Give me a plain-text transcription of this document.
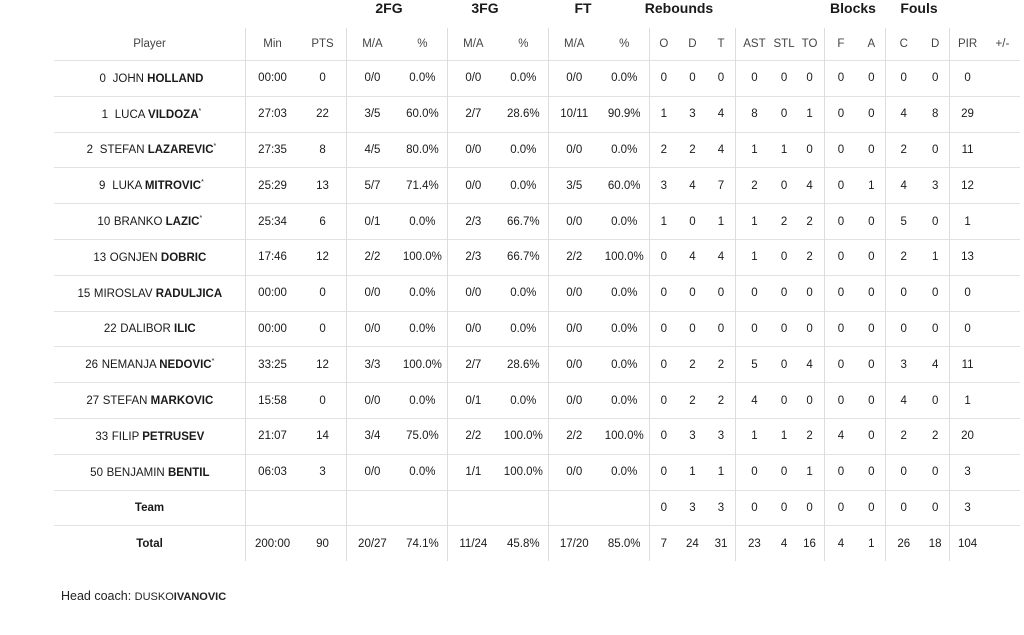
2FG	3FG	FT	Rebounds	Blocks	Fouls
Player	Min	PTS	M/A	%	M/A	%	M/A	%	O	D	T	AST	STL	TO	F	A	C	D	PIR	+/-
0 JOHN HOLLAND	00:00	0	0/0	0.0%	0/0	0.0%	0/0	0.0%	0	0	0	0	0	0	0	0	0	0	0	
1 LUCA VILDOZA*	27:03	22	3/5	60.0%	2/7	28.6%	10/11	90.9%	1	3	4	8	0	1	0	0	4	8	29	
2 STEFAN LAZAREVIC*	27:35	8	4/5	80.0%	0/0	0.0%	0/0	0.0%	2	2	4	1	1	0	0	0	2	0	11	
9 LUKA MITROVIC*	25:29	13	5/7	71.4%	0/0	0.0%	3/5	60.0%	3	4	7	2	0	4	0	1	4	3	12	
10 BRANKO LAZIC*	25:34	6	0/1	0.0%	2/3	66.7%	0/0	0.0%	1	0	1	1	2	2	0	0	5	0	1	
13 OGNJEN DOBRIC	17:46	12	2/2	100.0%	2/3	66.7%	2/2	100.0%	0	4	4	1	0	2	0	0	2	1	13	
15 MIROSLAV RADULJICA	00:00	0	0/0	0.0%	0/0	0.0%	0/0	0.0%	0	0	0	0	0	0	0	0	0	0	0	
22 DALIBOR ILIC	00:00	0	0/0	0.0%	0/0	0.0%	0/0	0.0%	0	0	0	0	0	0	0	0	0	0	0	
26 NEMANJA NEDOVIC*	33:25	12	3/3	100.0%	2/7	28.6%	0/0	0.0%	0	2	2	5	0	4	0	0	3	4	11	
27 STEFAN MARKOVIC	15:58	0	0/0	0.0%	0/1	0.0%	0/0	0.0%	0	2	2	4	0	0	0	0	4	0	1	
33 FILIP PETRUSEV	21:07	14	3/4	75.0%	2/2	100.0%	2/2	100.0%	0	3	3	1	1	2	4	0	2	2	20	
50 BENJAMIN BENTIL	06:03	3	0/0	0.0%	1/1	100.0%	0/0	0.0%	0	1	1	0	0	1	0	0	0	0	3	
Team									0	3	3	0	0	0	0	0	0	0	3	
Total	200:00	90	20/27	74.1%	11/24	45.8%	17/20	85.0%	7	24	31	23	4	16	4	1	26	18	104	
Head coach: DUSKOIVANOVIC
